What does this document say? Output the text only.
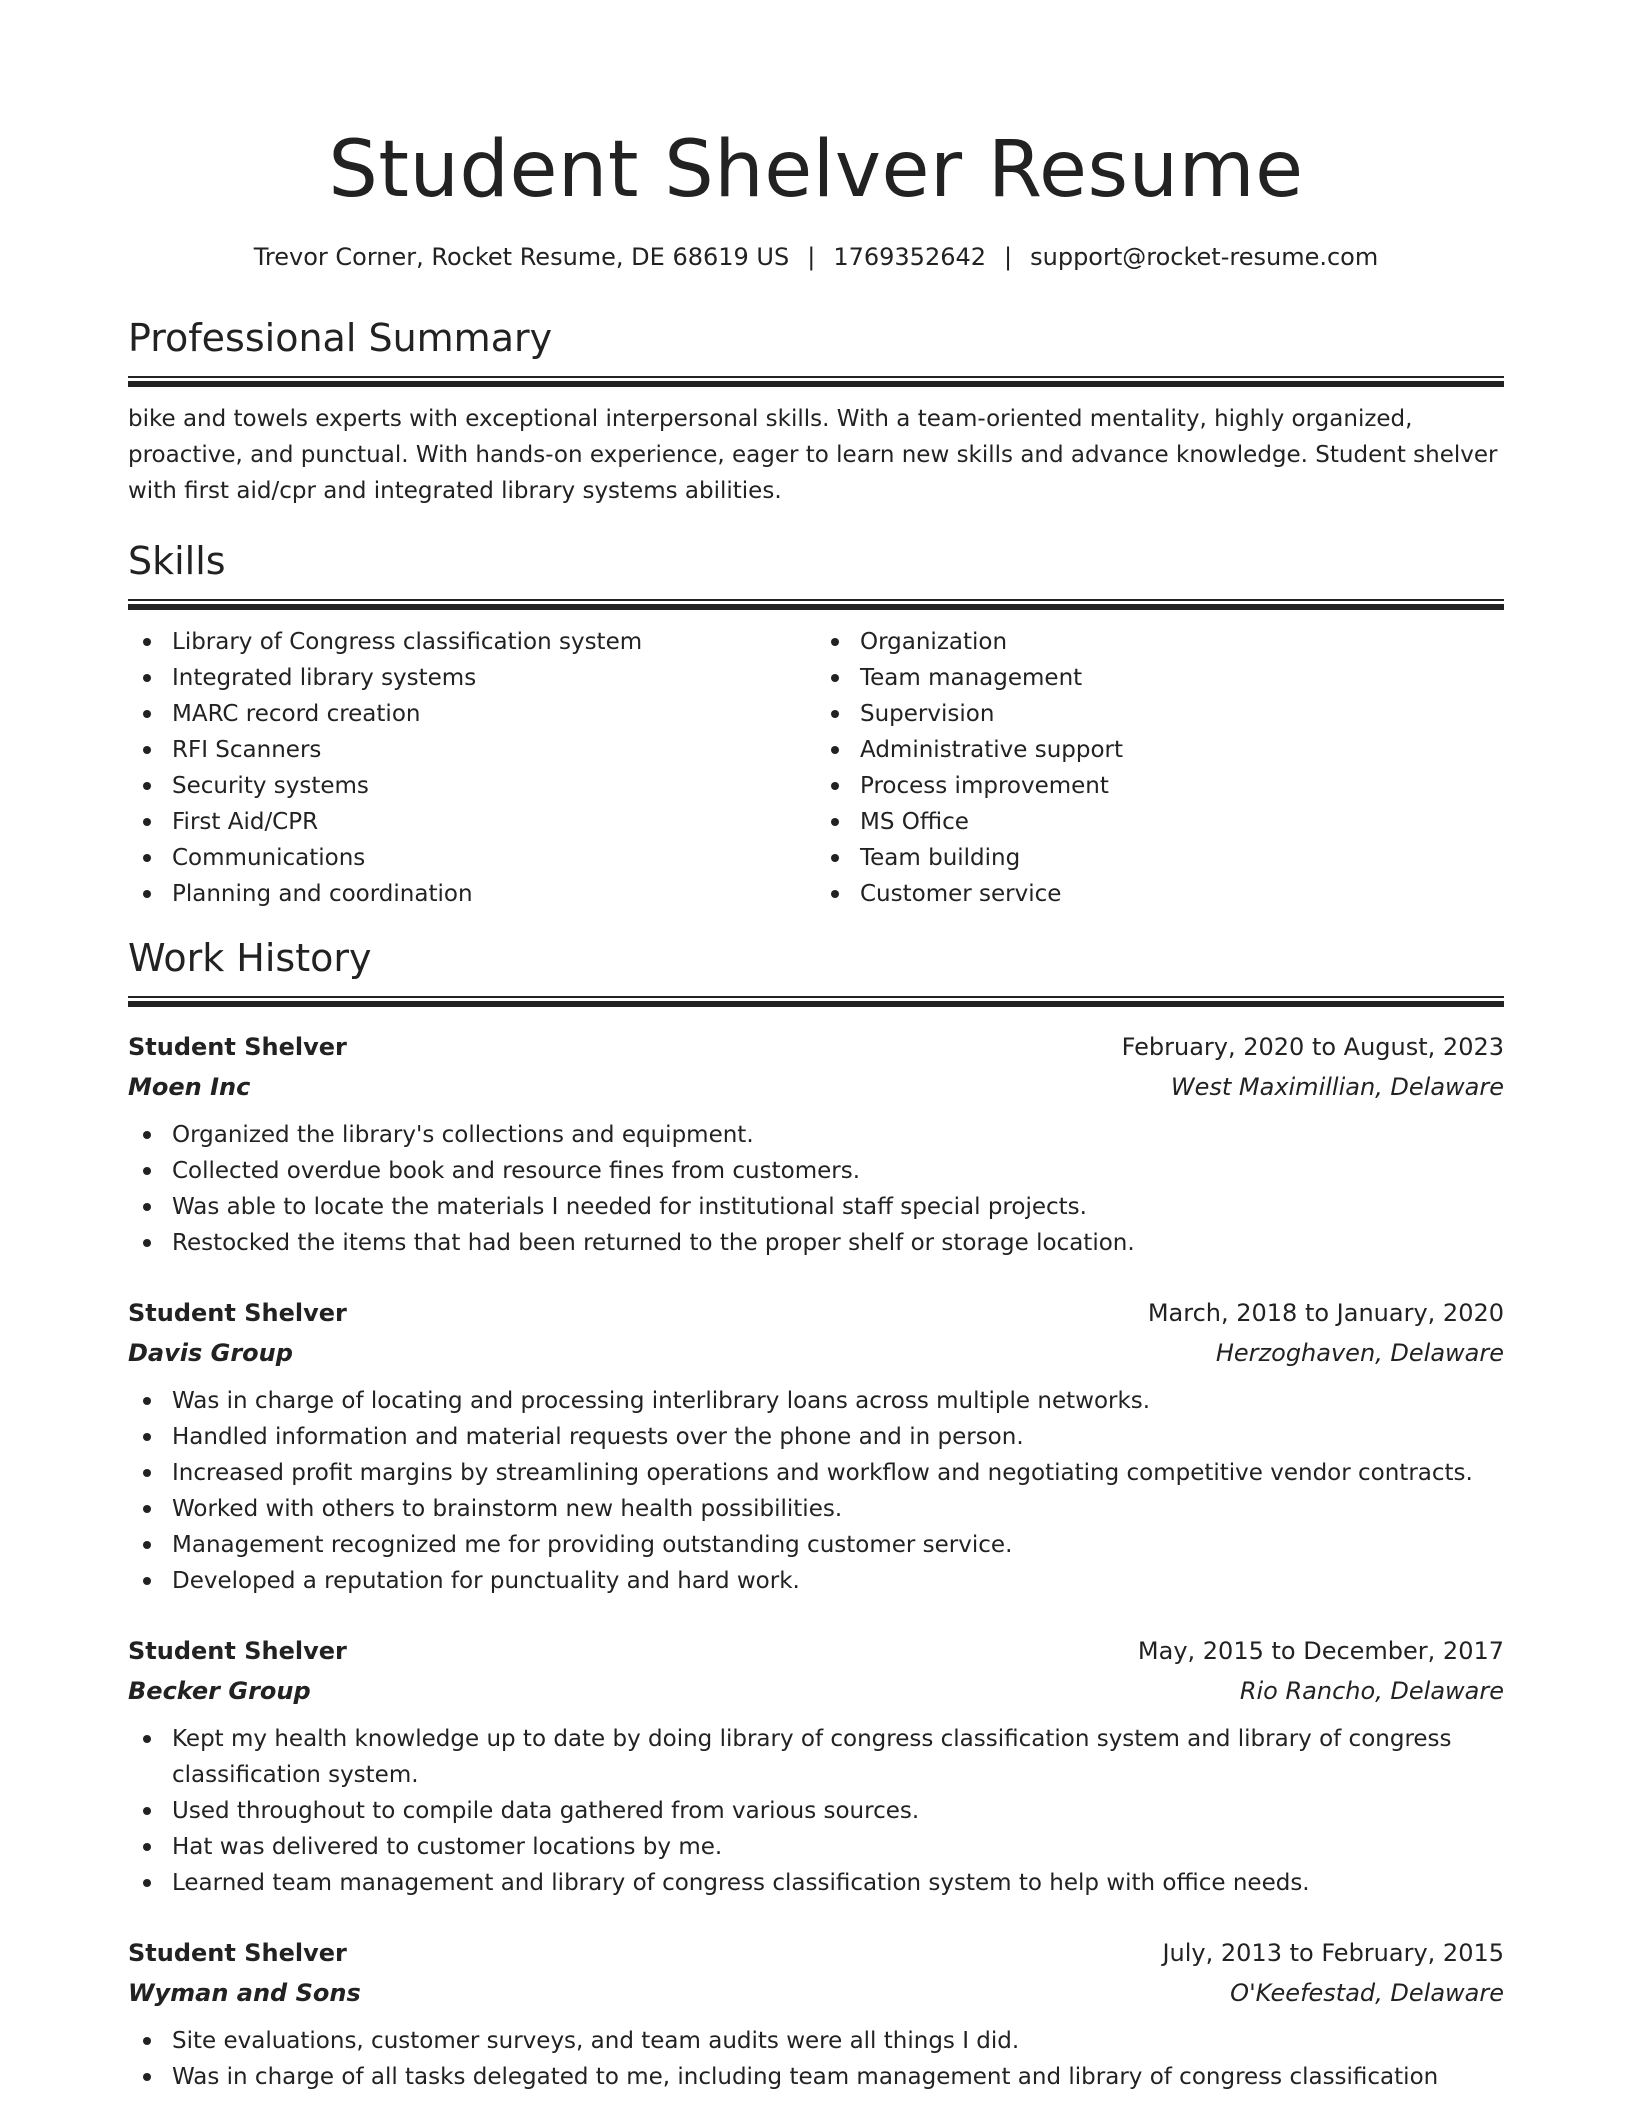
Student Shelver Resume
Trevor Corner, Rocket Resume, DE 68619 US | 1769352642 | support@rocket-resume.com
Professional Summary

bike and towels experts with exceptional interpersonal skills. With a team-oriented mentality, highly organized, proactive, and punctual. With hands-on experience, eager to learn new skills and advance knowledge. Student shelver with first aid/cpr and integrated library systems abilities.

Skills
Library of Congress classification system
Integrated library systems
MARC record creation
RFI Scanners
Security systems
First Aid/CPR
Communications
Planning and coordination
Organization
Team management
Supervision
Administrative support
Process improvement
MS Office
Team building
Customer service
Work History
Student Shelver	February, 2020 to August, 2023
Moen Inc	West Maximillian, Delaware
Organized the library's collections and equipment.
Collected overdue book and resource fines from customers.
Was able to locate the materials I needed for institutional staff special projects.
Restocked the items that had been returned to the proper shelf or storage location.
Student Shelver	March, 2018 to January, 2020
Davis Group	Herzoghaven, Delaware
Was in charge of locating and processing interlibrary loans across multiple networks.
Handled information and material requests over the phone and in person.
Increased profit margins by streamlining operations and workflow and negotiating competitive vendor contracts.
Worked with others to brainstorm new health possibilities.
Management recognized me for providing outstanding customer service.
Developed a reputation for punctuality and hard work.
Student Shelver	May, 2015 to December, 2017
Becker Group	Rio Rancho, Delaware
Kept my health knowledge up to date by doing library of congress classification system and library of congress classification system.
Used throughout to compile data gathered from various sources.
Hat was delivered to customer locations by me.
Learned team management and library of congress classification system to help with office needs.
Student Shelver	July, 2013 to February, 2015
Wyman and Sons	O'Keefestad, Delaware
Site evaluations, customer surveys, and team audits were all things I did.
Was in charge of all tasks delegated to me, including team management and library of congress classification
